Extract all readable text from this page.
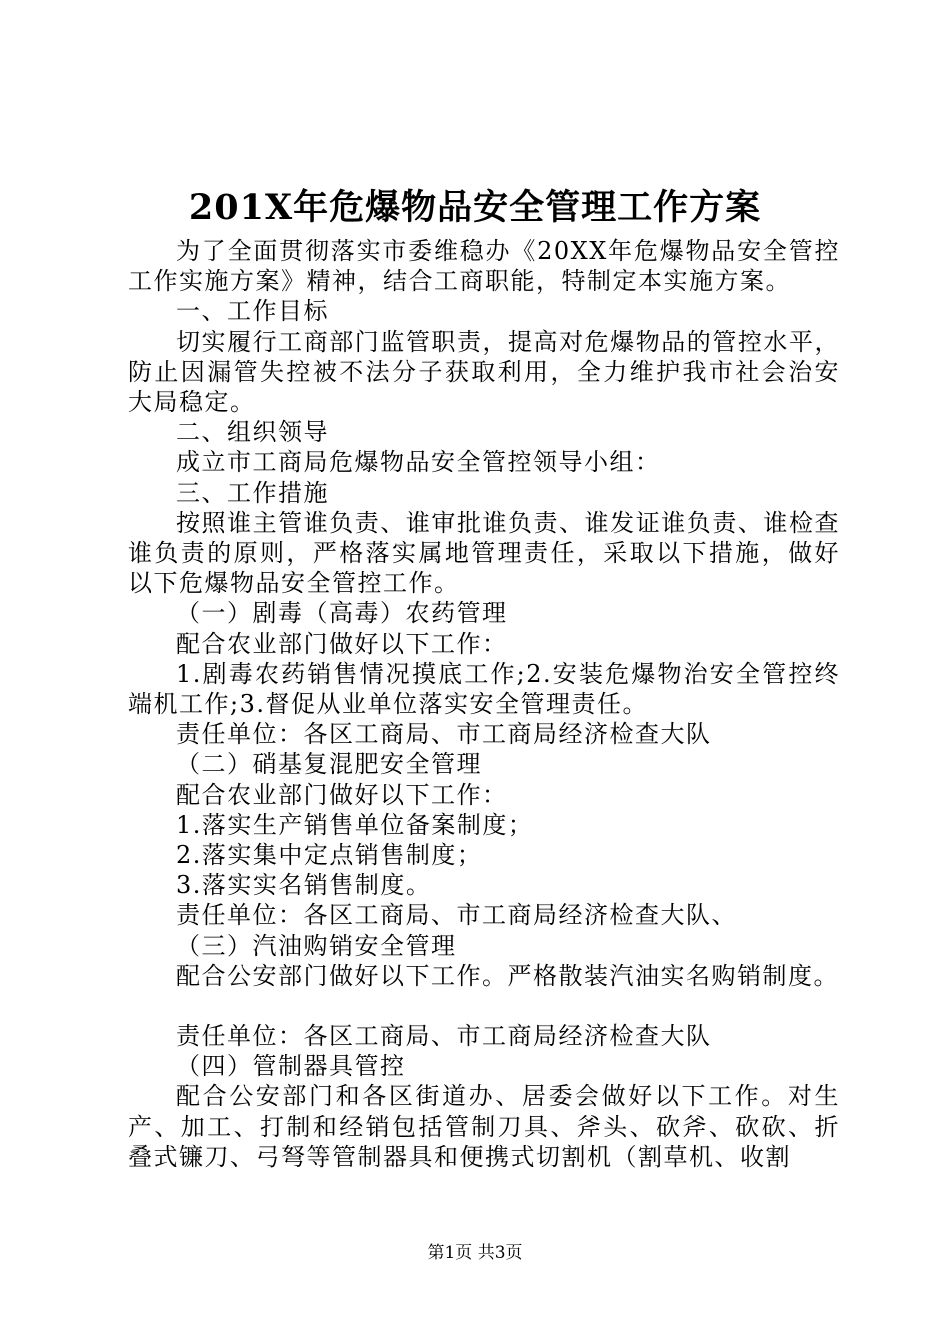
201X年危爆物品安全管理工作方案

为了全面贯彻落实市委维稳办《20XX年危爆物品安全管控工作实施方案》精神，结合工商职能，特制定本实施方案。

一、工作目标

切实履行工商部门监管职责，提高对危爆物品的管控水平，防止因漏管失控被不法分子获取利用，全力维护我市社会治安大局稳定。

二、组织领导

成立市工商局危爆物品安全管控领导小组：

三、工作措施

按照谁主管谁负责、谁审批谁负责、谁发证谁负责、谁检查谁负责的原则，严格落实属地管理责任，采取以下措施，做好以下危爆物品安全管控工作。

（一）剧毒（高毒）农药管理

配合农业部门做好以下工作：

1.剧毒农药销售情况摸底工作;2.安装危爆物治安全管控终端机工作;3.督促从业单位落实安全管理责任。

责任单位：各区工商局、市工商局经济检查大队

（二）硝基复混肥安全管理

配合农业部门做好以下工作：

1.落实生产销售单位备案制度；

2.落实集中定点销售制度；

3.落实实名销售制度。

责任单位：各区工商局、市工商局经济检查大队、

（三）汽油购销安全管理

配合公安部门做好以下工作。严格散装汽油实名购销制度。

责任单位：各区工商局、市工商局经济检查大队

（四）管制器具管控

配合公安部门和各区街道办、居委会做好以下工作。对生产、加工、打制和经销包括管制刀具、斧头、砍斧、砍砍、折叠式镰刀、弓弩等管制器具和便携式切割机（割草机、收割

第1页 共3页
